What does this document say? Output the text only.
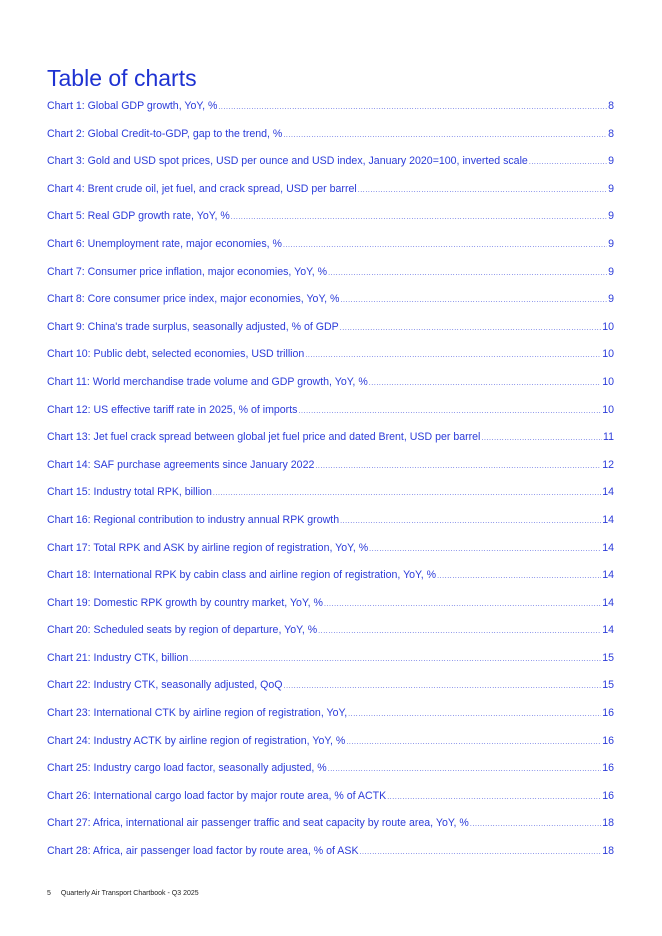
Table of charts
Chart 1: Global GDP growth, YoY, % .....	8
Chart 2: Global Credit-to-GDP, gap to the trend, % .....	8
Chart 3: Gold and USD spot prices, USD per ounce and USD index, January 2020=100, inverted scale .....	9
Chart 4: Brent crude oil, jet fuel, and crack spread, USD per barrel .....	9
Chart 5: Real GDP growth rate, YoY, % .....	9
Chart 6: Unemployment rate, major economies, % .....	9
Chart 7: Consumer price inflation, major economies, YoY, % .....	9
Chart 8: Core consumer price index, major economies, YoY, % .....	9
Chart 9: China's trade surplus, seasonally adjusted, % of GDP .....	10
Chart 10: Public debt, selected economies, USD trillion .....	10
Chart 11: World merchandise trade volume and GDP growth, YoY, % .....	10
Chart 12: US effective tariff rate in 2025, % of imports .....	10
Chart 13: Jet fuel crack spread between global jet fuel price and dated Brent, USD per barrel .....	11
Chart 14: SAF purchase agreements since January 2022 .....	12
Chart 15: Industry total RPK, billion .....	14
Chart 16: Regional contribution to industry annual RPK growth .....	14
Chart 17: Total RPK and ASK by airline region of registration, YoY, % .....	14
Chart 18: International RPK by cabin class and airline region of registration, YoY, % .....	14
Chart 19: Domestic RPK growth by country market, YoY, % .....	14
Chart 20: Scheduled seats by region of departure, YoY, % .....	14
Chart 21: Industry CTK, billion .....	15
Chart 22: Industry CTK, seasonally adjusted, QoQ .....	15
Chart 23: International CTK by airline region of registration, YoY, .....	16
Chart 24: Industry ACTK by airline region of registration, YoY, % .....	16
Chart 25: Industry cargo load factor, seasonally adjusted, % .....	16
Chart 26: International cargo load factor by major route area, % of ACTK .....	16
Chart 27: Africa, international air passenger traffic and seat capacity by route area, YoY, % .....	18
Chart 28: Africa, air passenger load factor by route area, % of ASK .....	18
5 Quarterly Air Transport Chartbook - Q3 2025
